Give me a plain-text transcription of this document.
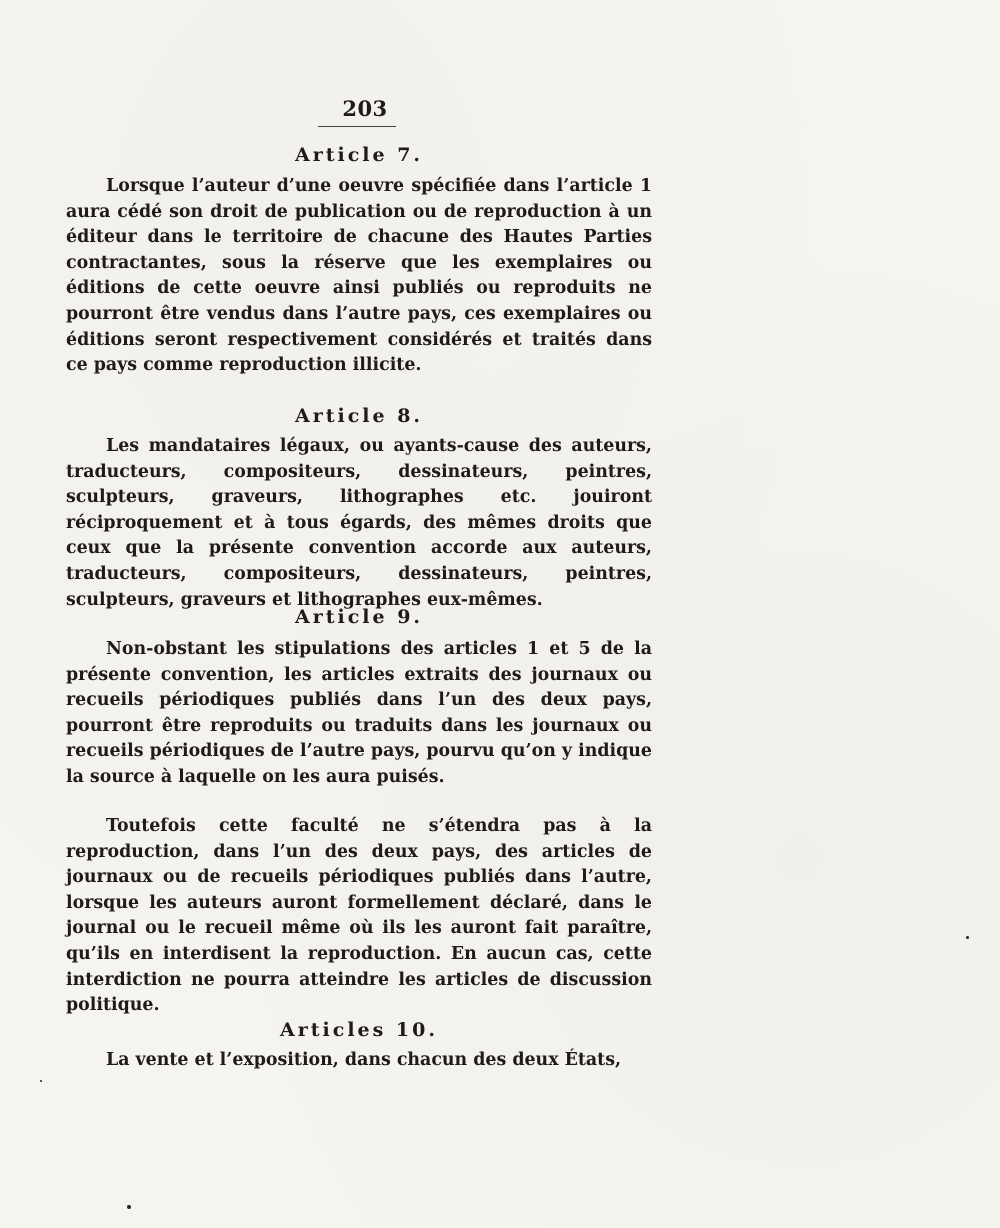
203
Article 7.

Lorsque l’auteur d’une oeuvre spécifiée dans l’article 1 aura cédé son droit de publication ou de reproduction à un éditeur dans le territoire de chacune des Hautes Parties contractantes, sous la réserve que les exemplaires ou éditions de cette oeuvre ainsi publiés ou reproduits ne pourront être vendus dans l’autre pays, ces exemplaires ou éditions seront respectivement considérés et traités dans ce pays comme reproduction illicite.

Article 8.

Les mandataires légaux, ou ayants-cause des auteurs, traducteurs, compositeurs, dessinateurs, peintres, sculpteurs, graveurs, lithographes etc. jouiront réciproquement et à tous égards, des mêmes droits que ceux que la présente convention accorde aux auteurs, traducteurs, compositeurs, dessinateurs, peintres, sculpteurs, graveurs et lithographes eux-mêmes.

Article 9.

Non-obstant les stipulations des articles 1 et 5 de la présente convention, les articles extraits des journaux ou recueils périodiques publiés dans l’un des deux pays, pourront être reproduits ou traduits dans les journaux ou recueils périodiques de l’autre pays, pourvu qu’on y indique la source à laquelle on les aura puisés.

Toutefois cette faculté ne s’étendra pas à la reproduction, dans l’un des deux pays, des articles de journaux ou de recueils périodiques publiés dans l’autre, lorsque les auteurs auront formellement déclaré, dans le journal ou le recueil même où ils les auront fait paraître, qu’ils en interdisent la reproduction. En aucun cas, cette interdiction ne pourra atteindre les articles de discussion politique.

Articles 10.

La vente et l’exposition, dans chacun des deux États,
